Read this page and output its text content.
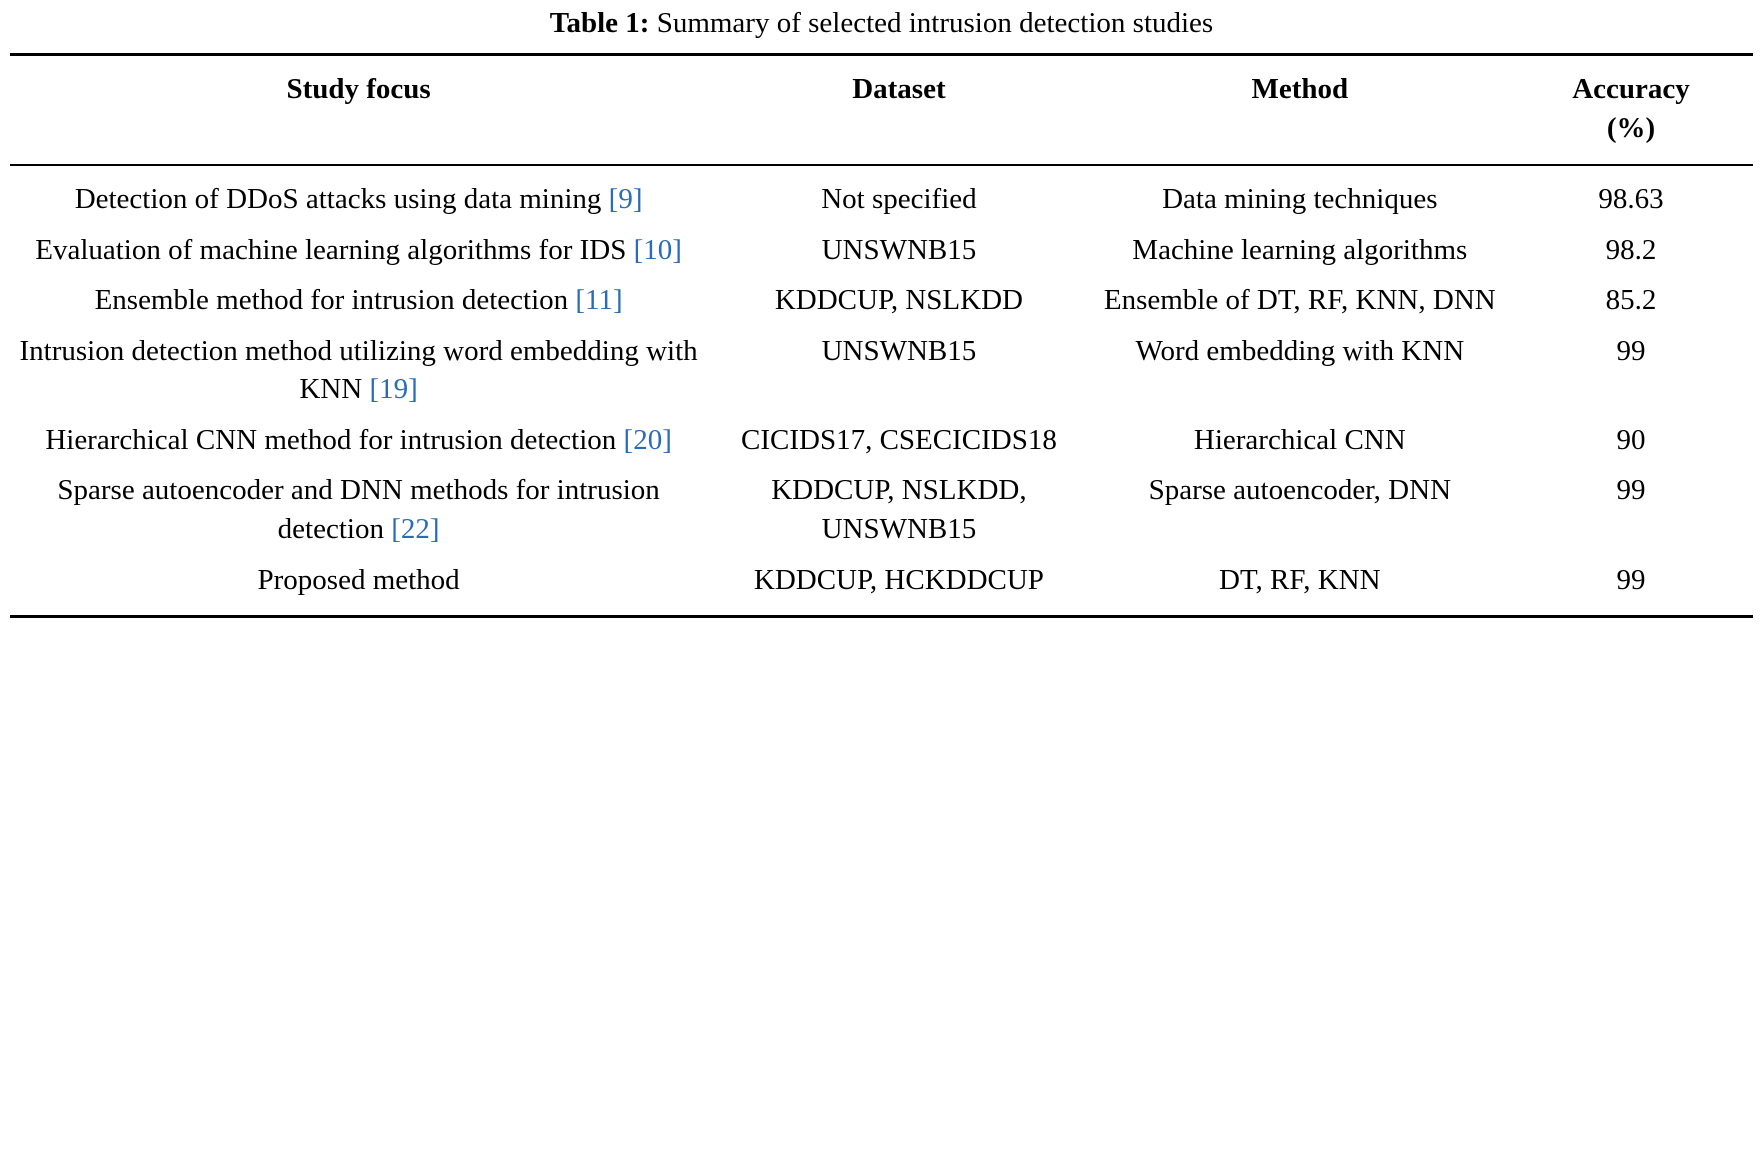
Table 1: Summary of selected intrusion detection studies
Study focus	Dataset	Method	Accuracy
(%)
Detection of DDoS attacks using data mining [9]	Not specified	Data mining techniques	98.63
Evaluation of machine learning algorithms for IDS [10]	UNSWNB15	Machine learning algorithms	98.2
Ensemble method for intrusion detection [11]	KDDCUP, NSLKDD	Ensemble of DT, RF, KNN, DNN	85.2
Intrusion detection method utilizing word embedding with KNN [19]	UNSWNB15	Word embedding with KNN	99
Hierarchical CNN method for intrusion detection [20]	CICIDS17, CSECICIDS18	Hierarchical CNN	90
Sparse autoencoder and DNN methods for intrusion detection [22]	KDDCUP, NSLKDD, UNSWNB15	Sparse autoencoder, DNN	99
Proposed method	KDDCUP, HCKDDCUP	DT, RF, KNN	99
